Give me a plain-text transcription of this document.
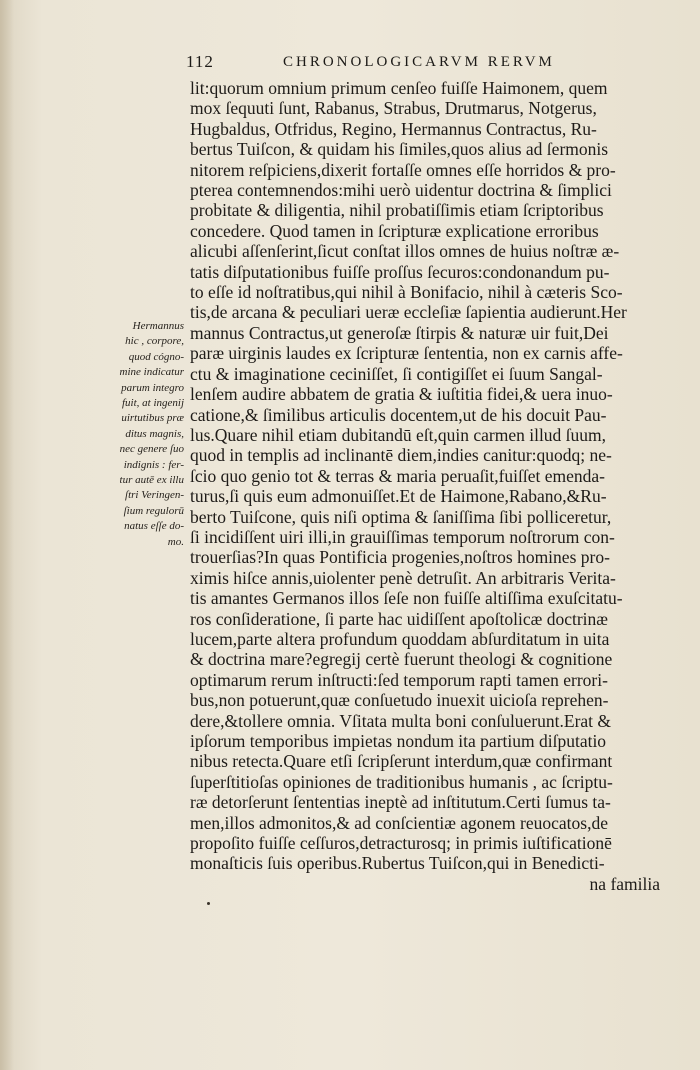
112	CHRONOLOGICARVM RERVM
Hermannus
hic , corpore,
quod cógno-
mine indicatur
parum integro
fuit, at ingenij
uirtutibus præ
ditus magnis,
nec genere ſuo
indignis : fer-
tur autē ex illu
ſtri Veringen-
ſium regulorū
natus eſſe do-
mo.
lit:quorum omnium primum cenſeo fuiſſe Haimonem, quem
mox ſequuti ſunt, Rabanus, Strabus, Drutmarus, Notgerus,
Hugbaldus, Otfridus, Regino, Hermannus Contractus, Ru-
bertus Tuiſcon, & quidam his ſimiles,quos alius ad ſermonis
nitorem reſpiciens,dixerit fortaſſe omnes eſſe horridos & pro-
pterea contemnendos:mihi uerò uidentur doctrina & ſimplici
probitate & diligentia, nihil probatiſſimis etiam ſcriptoribus
concedere. Quod tamen in ſcripturæ explicatione erroribus
alicubi aſſenſerint,ſicut conſtat illos omnes de huius noſtræ æ-
tatis diſputationibus fuiſſe proſſus ſecuros:condonandum pu-
to eſſe id noſtratibus,qui nihil à Bonifacio, nihil à cæteris Sco-
tis,de arcana & peculiari ueræ eccleſiæ ſapientia audierunt.Her
mannus Contractus,ut generoſæ ſtirpis & naturæ uir fuit,Dei
paræ uirginis laudes ex ſcripturæ ſententia, non ex carnis affe-
ctu & imaginatione ceciniſſet, ſi contigiſſet ei ſuum Sangal-
lenſem audire abbatem de gratia & iuſtitia fidei,& uera inuo-
catione,& ſimilibus articulis docentem,ut de his docuit Pau-
lus.Quare nihil etiam dubitandū eſt,quin carmen illud ſuum,
quod in templis ad inclinantē diem,indies canitur:quodq; ne-
ſcio quo genio tot & terras & maria peruaſit,fuiſſet emenda-
turus,ſi quis eum admonuiſſet.Et de Haimone,Rabano,&Ru-
berto Tuiſcone, quis niſi optima & ſaniſſima ſibi polliceretur,
ſi incidiſſent uiri illi,in grauiſſimas temporum noſtrorum con-
trouerſias?In quas Pontificia progenies,noſtros homines pro-
ximis hiſce annis,uiolenter penè detruſit. An arbitraris Verita-
tis amantes Germanos illos ſeſe non fuiſſe altiſſima exuſcitatu-
ros conſideratione, ſi parte hac uidiſſent apoſtolicæ doctrinæ
lucem,parte altera profundum quoddam abſurditatum in uita
& doctrina mare?egregij certè fuerunt theologi & cognitione
optimarum rerum inſtructi:ſed temporum rapti tamen errori-
bus,non potuerunt,quæ conſuetudo inuexit uicioſa reprehen-
dere,&tollere omnia. Vſitata multa boni conſuluerunt.Erat &
ipſorum temporibus impietas nondum ita partium diſputatio
nibus retecta.Quare etſi ſcripſerunt interdum,quæ confirmant
ſuperſtitioſas opiniones de traditionibus humanis , ac ſcriptu-
ræ detorſerunt ſententias ineptè ad inſtitutum.Certi ſumus ta-
men,illos admonitos,& ad conſcientiæ agonem reuocatos,de
propoſito fuiſſe ceſſuros,detracturosq; in primis iuſtificationē
monaſticis ſuis operibus.Rubertus Tuiſcon,qui in Benedicti-
na familia
